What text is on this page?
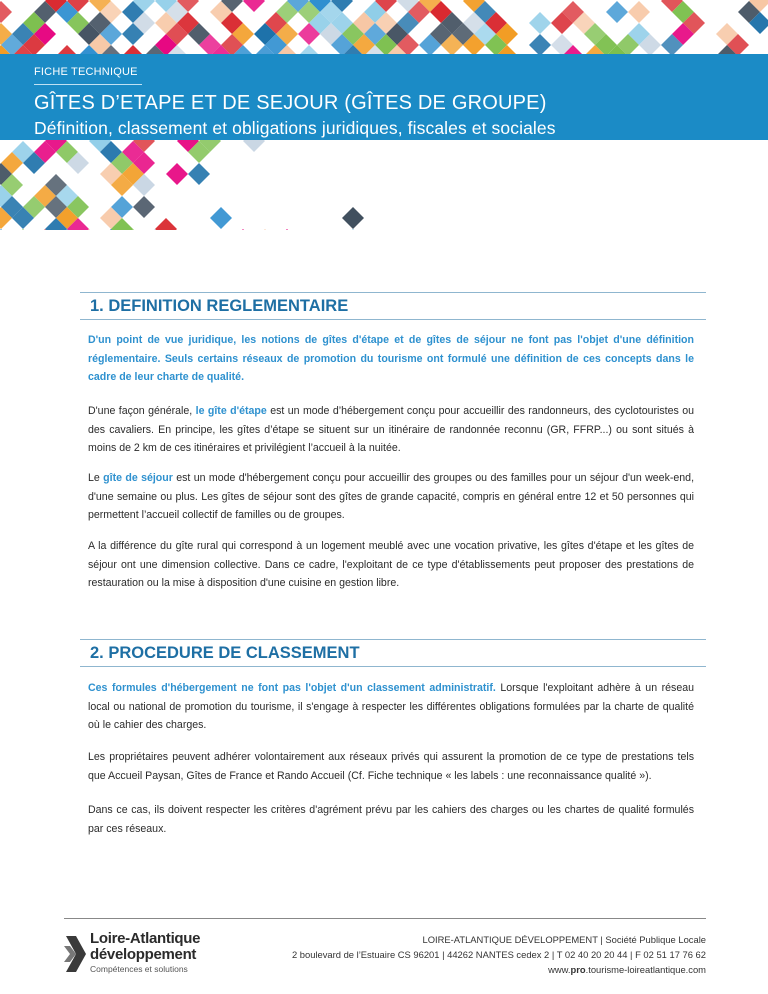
FICHE TECHNIQUE
GÎTES D’ETAPE ET DE SEJOUR (GÎTES DE GROUPE)
Définition, classement et obligations juridiques, fiscales et sociales
1. DEFINITION REGLEMENTAIRE
D'un point de vue juridique, les notions de gîtes d'étape et de gîtes de séjour ne font pas l'objet d'une définition réglementaire. Seuls certains réseaux de promotion du tourisme ont formulé une définition de ces concepts dans le cadre de leur charte de qualité.
D'une façon générale, le gîte d'étape est un mode d’hébergement conçu pour accueillir des randonneurs, des cyclotouristes ou des cavaliers. En principe, les gîtes d’étape se situent sur un itinéraire de randonnée reconnu (GR, FFRP...) ou sont situés à moins de 2 km de ces itinéraires et privilégient l’accueil à la nuitée.
Le gîte de séjour est un mode d'hébergement conçu pour accueillir des groupes ou des familles pour un séjour d'un week-end, d'une semaine ou plus. Les gîtes de séjour sont des gîtes de grande capacité, compris en général entre 12 et 50 personnes qui permettent l’accueil collectif de familles ou de groupes.
A la différence du gîte rural qui correspond à un logement meublé avec une vocation privative, les gîtes d'étape et les gîtes de séjour ont une dimension collective. Dans ce cadre, l'exploitant de ce type d'établissements peut proposer des prestations de restauration ou la mise à disposition d'une cuisine en gestion libre.
2. PROCEDURE DE CLASSEMENT
Ces formules d'hébergement ne font pas l'objet d'un classement administratif. Lorsque l'exploitant adhère à un réseau local ou national de promotion du tourisme, il s'engage à respecter les différentes obligations formulées par la charte de qualité où le cahier des charges.
Les propriétaires peuvent adhérer volontairement aux réseaux privés qui assurent la promotion de ce type de prestations tels que Accueil Paysan, Gîtes de France et Rando Accueil (Cf. Fiche technique « les labels : une reconnaissance qualité »).
Dans ce cas, ils doivent respecter les critères d'agrément prévu par les cahiers des charges ou les chartes de qualité formulés par ces réseaux.
Loire-Atlantique
développement
Compétences et solutions
LOIRE-ATLANTIQUE DÉVELOPPEMENT | Société Publique Locale
2 boulevard de l’Estuaire CS 96201 | 44262 NANTES cedex 2 | T 02 40 20 20 44 | F 02 51 17 76 62
www.pro.tourisme-loireatlantique.com
